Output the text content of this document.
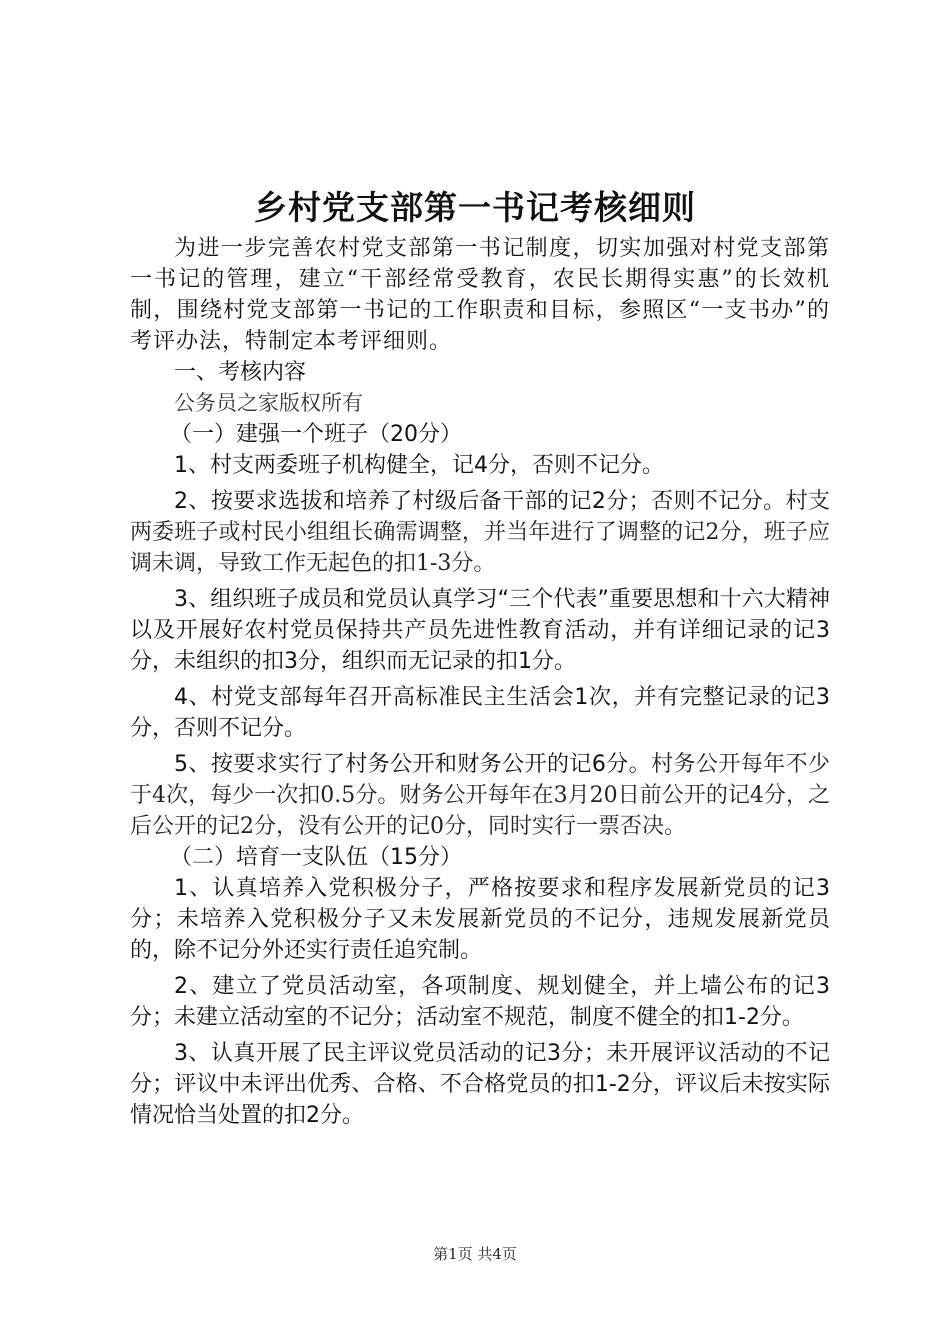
乡村党支部第一书记考核细则

为进一步完善农村党支部第一书记制度，切实加强对村党支部第一书记的管理，建立“干部经常受教育，农民长期得实惠”的长效机制，围绕村党支部第一书记的工作职责和目标，参照区“一支书办”的考评办法，特制定本考评细则。

一、考核内容

公务员之家版权所有

（一）建强一个班子（20分）

1、村支两委班子机构健全，记4分，否则不记分。

2、按要求选拔和培养了村级后备干部的记2分；否则不记分。村支两委班子或村民小组组长确需调整，并当年进行了调整的记2分，班子应调未调，导致工作无起色的扣1-3分。

3、组织班子成员和党员认真学习“三个代表”重要思想和十六大精神以及开展好农村党员保持共产员先进性教育活动，并有详细记录的记3分，未组织的扣3分，组织而无记录的扣1分。

4、村党支部每年召开高标准民主生活会1次，并有完整记录的记3分，否则不记分。

5、按要求实行了村务公开和财务公开的记6分。村务公开每年不少于4次，每少一次扣0.5分。财务公开每年在3月20日前公开的记4分，之后公开的记2分，没有公开的记0分，同时实行一票否决。

（二）培育一支队伍（15分）

1、认真培养入党积极分子，严格按要求和程序发展新党员的记3分；未培养入党积极分子又未发展新党员的不记分，违规发展新党员的，除不记分外还实行责任追究制。

2、建立了党员活动室，各项制度、规划健全，并上墙公布的记3分；未建立活动室的不记分；活动室不规范，制度不健全的扣1-2分。

3、认真开展了民主评议党员活动的记3分；未开展评议活动的不记分；评议中未评出优秀、合格、不合格党员的扣1-2分，评议后未按实际情况恰当处置的扣2分。

第1页 共4页
